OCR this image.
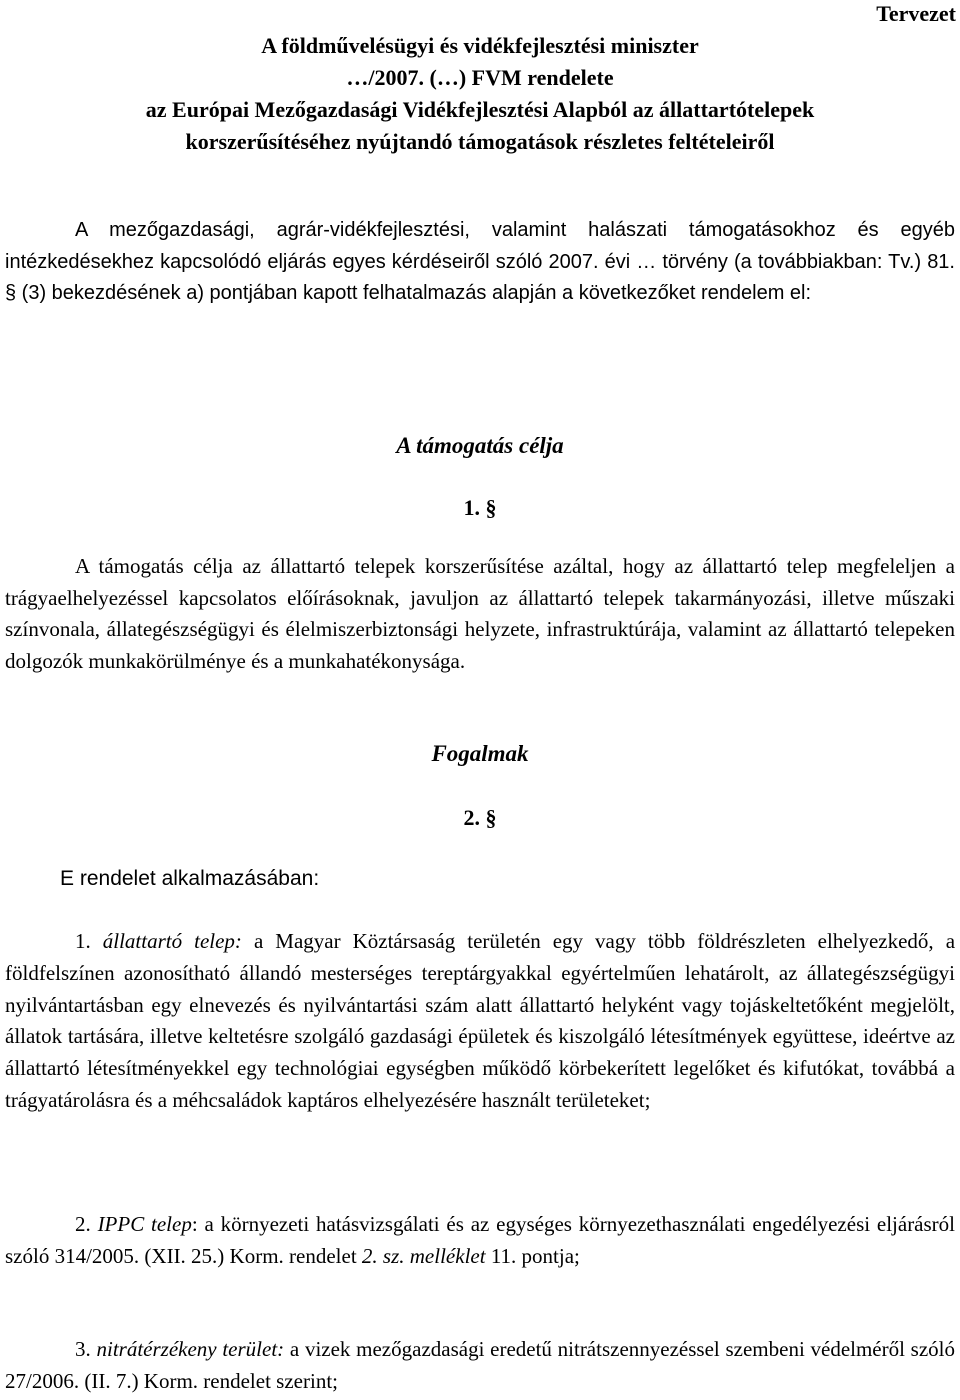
Tervezet
A földművelésügyi és vidékfejlesztési miniszter
…/2007. (…) FVM rendelete
az Európai Mezőgazdasági Vidékfejlesztési Alapból az állattartótelepek
korszerűsítéséhez nyújtandó támogatások részletes feltételeiről
A mezőgazdasági, agrár-vidékfejlesztési, valamint halászati támogatásokhoz és egyéb intézkedésekhez kapcsolódó eljárás egyes kérdéseiről szóló 2007. évi … törvény (a továbbiakban: Tv.) 81. § (3) bekezdésének a) pontjában kapott felhatalmazás alapján a következőket rendelem el:
A támogatás célja
1. §
A támogatás célja az állattartó telepek korszerűsítése azáltal, hogy az állattartó telep megfeleljen a trágyaelhelyezéssel kapcsolatos előírásoknak, javuljon az állattartó telepek takarmányozási, illetve műszaki színvonala, állategészségügyi és élelmiszerbiztonsági helyzete, infrastruktúrája, valamint az állattartó telepeken dolgozók munkakörülménye és a munkahatékonysága.
Fogalmak
2. §
E rendelet alkalmazásában:
1. állattartó telep: a Magyar Köztársaság területén egy vagy több földrészleten elhelyezkedő, a földfelszínen azonosítható állandó mesterséges tereptárgyakkal egyértelműen lehatárolt, az állategészségügyi nyilvántartásban egy elnevezés és nyilvántartási szám alatt állattartó helyként vagy tojáskeltetőként megjelölt, állatok tartására, illetve keltetésre szolgáló gazdasági épületek és kiszolgáló létesítmények együttese, ideértve az állattartó létesítményekkel egy technológiai egységben működő körbekerített legelőket és kifutókat, továbbá a trágyatárolásra és a méhcsaládok kaptáros elhelyezésére használt területeket;
2. IPPC telep: a környezeti hatásvizsgálati és az egységes környezethasználati engedélyezési eljárásról szóló 314/2005. (XII. 25.) Korm. rendelet 2. sz. melléklet 11. pontja;
3. nitrátérzékeny terület: a vizek mezőgazdasági eredetű nitrátszennyezéssel szembeni védelméről szóló 27/2006. (II. 7.) Korm. rendelet szerint;
